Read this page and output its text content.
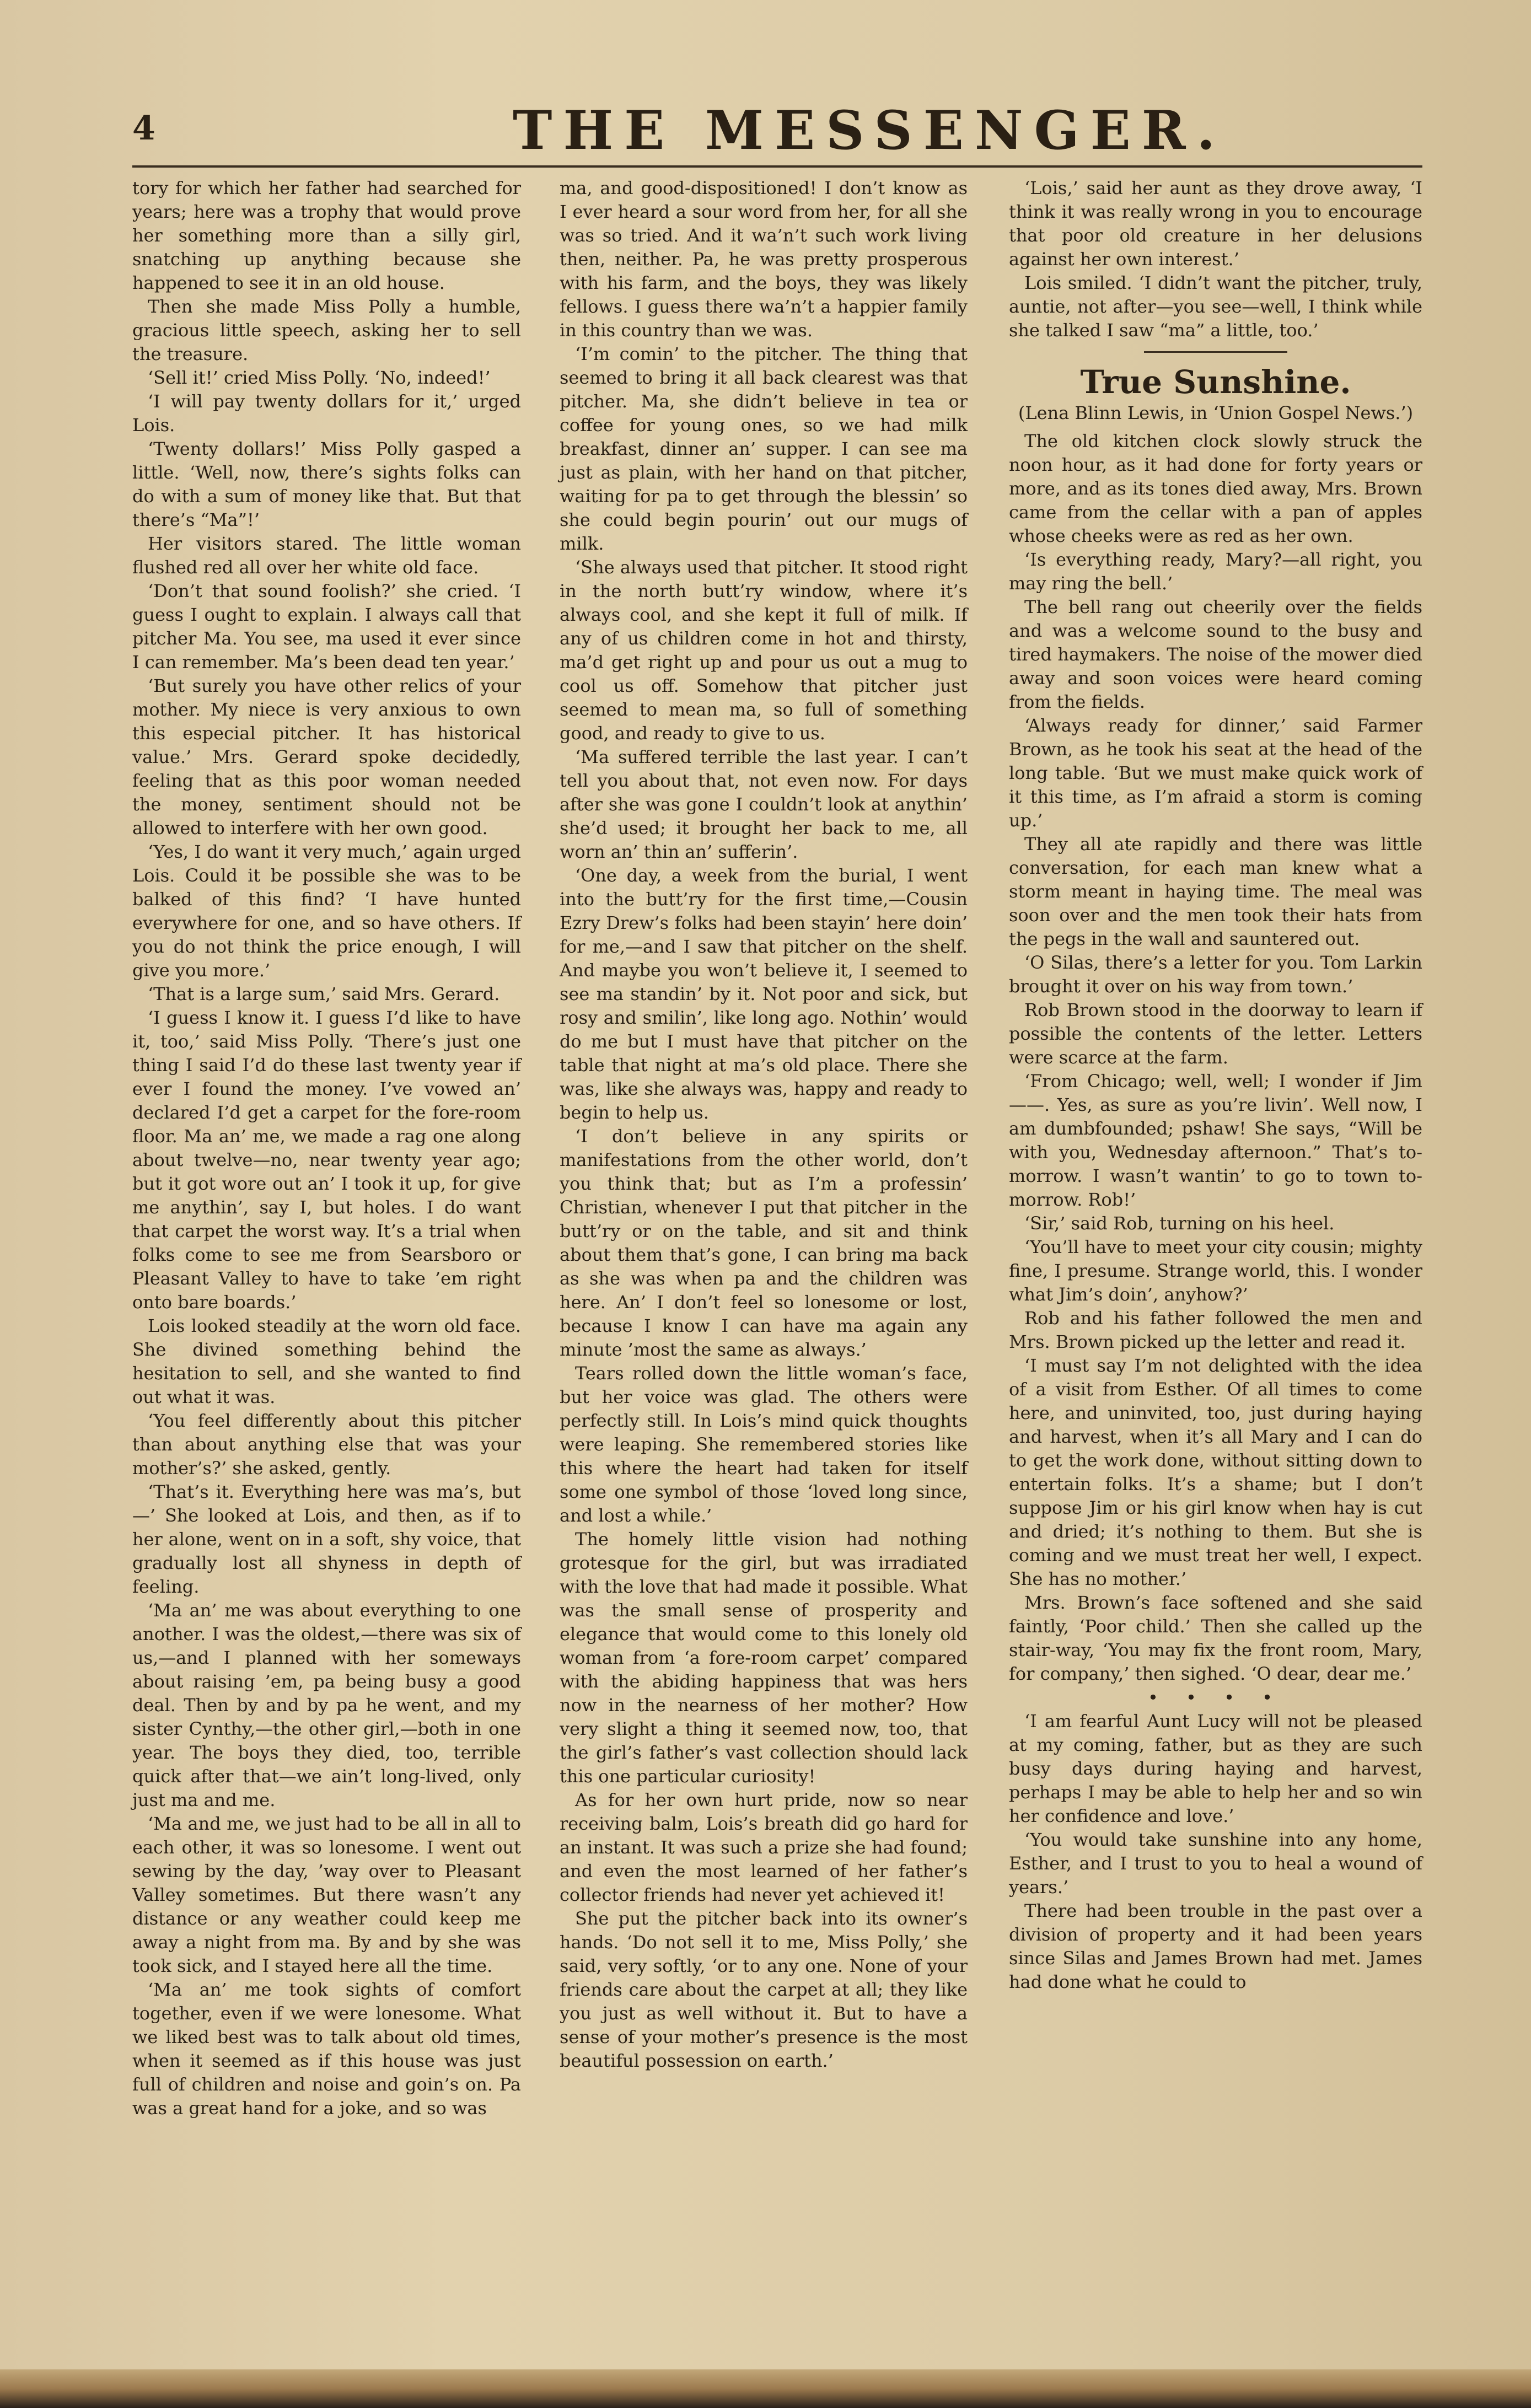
4	THE MESSENGER.

tory for which her father had searched for years; here was a trophy that would prove her something more than a silly girl, snatching up anything because she happened to see it in an old house.

Then she made Miss Polly a humble, gracious little speech, asking her to sell the treasure.

‘Sell it!’ cried Miss Polly. ‘No, indeed!’

‘I will pay twenty dollars for it,’ urged Lois.

‘Twenty dollars!’ Miss Polly gasped a little. ‘Well, now, there’s sights folks can do with a sum of money like that. But that there’s “Ma”!’

Her visitors stared. The little woman flushed red all over her white old face.

‘Don’t that sound foolish?’ she cried. ‘I guess I ought to explain. I always call that pitcher Ma. You see, ma used it ever since I can remember. Ma’s been dead ten year.’

‘But surely you have other relics of your mother. My niece is very anxious to own this especial pitcher. It has historical value.’ Mrs. Gerard spoke decidedly, feeling that as this poor woman needed the money, sentiment should not be allowed to interfere with her own good.

‘Yes, I do want it very much,’ again urged Lois. Could it be possible she was to be balked of this find? ‘I have hunted everywhere for one, and so have others. If you do not think the price enough, I will give you more.’

‘That is a large sum,’ said Mrs. Gerard.

‘I guess I know it. I guess I’d like to have it, too,’ said Miss Polly. ‘There’s just one thing I said I’d do these last twenty year if ever I found the money. I’ve vowed an’ declared I’d get a carpet for the fore-room floor. Ma an’ me, we made a rag one along about twelve—no, near twenty year ago; but it got wore out an’ I took it up, for give me anythin’, say I, but holes. I do want that carpet the worst way. It’s a trial when folks come to see me from Searsboro or Pleasant Valley to have to take ’em right onto bare boards.’

Lois looked steadily at the worn old face. She divined something behind the hesitation to sell, and she wanted to find out what it was.

‘You feel differently about this pitcher than about anything else that was your mother’s?’ she asked, gently.

‘That’s it. Everything here was ma’s, but—’ She looked at Lois, and then, as if to her alone, went on in a soft, shy voice, that gradually lost all shyness in depth of feeling.

‘Ma an’ me was about everything to one another. I was the oldest,—there was six of us,—and I planned with her someways about raising ’em, pa being busy a good deal. Then by and by pa he went, and my sister Cynthy,—the other girl,—both in one year. The boys they died, too, terrible quick after that—we ain’t long-lived, only just ma and me.

‘Ma and me, we just had to be all in all to each other, it was so lonesome. I went out sewing by the day, ’way over to Pleasant Valley sometimes. But there wasn’t any distance or any weather could keep me away a night from ma. By and by she was took sick, and I stayed here all the time.

‘Ma an’ me took sights of comfort together, even if we were lonesome. What we liked best was to talk about old times, when it seemed as if this house was just full of children and noise and goin’s on. Pa was a great hand for a joke, and so was

ma, and good-dispositioned! I don’t know as I ever heard a sour word from her, for all she was so tried. And it wa’n’t such work living then, neither. Pa, he was pretty prosperous with his farm, and the boys, they was likely fellows. I guess there wa’n’t a happier family in this country than we was.

‘I’m comin’ to the pitcher. The thing that seemed to bring it all back clearest was that pitcher. Ma, she didn’t believe in tea or coffee for young ones, so we had milk breakfast, dinner an’ supper. I can see ma just as plain, with her hand on that pitcher, waiting for pa to get through the blessin’ so she could begin pourin’ out our mugs of milk.

‘She always used that pitcher. It stood right in the north butt’ry window, where it’s always cool, and she kept it full of milk. If any of us children come in hot and thirsty, ma’d get right up and pour us out a mug to cool us off. Somehow that pitcher just seemed to mean ma, so full of something good, and ready to give to us.

‘Ma suffered terrible the last year. I can’t tell you about that, not even now. For days after she was gone I couldn’t look at anythin’ she’d used; it brought her back to me, all worn an’ thin an’ sufferin’.

‘One day, a week from the burial, I went into the butt’ry for the first time,—Cousin Ezry Drew’s folks had been stayin’ here doin’ for me,—and I saw that pitcher on the shelf. And maybe you won’t believe it, I seemed to see ma standin’ by it. Not poor and sick, but rosy and smilin’, like long ago. Nothin’ would do me but I must have that pitcher on the table that night at ma’s old place. There she was, like she always was, happy and ready to begin to help us.

‘I don’t believe in any spirits or manifestations from the other world, don’t you think that; but as I’m a professin’ Christian, whenever I put that pitcher in the butt’ry or on the table, and sit and think about them that’s gone, I can bring ma back as she was when pa and the children was here. An’ I don’t feel so lonesome or lost, because I know I can have ma again any minute ’most the same as always.’

Tears rolled down the little woman’s face, but her voice was glad. The others were perfectly still. In Lois’s mind quick thoughts were leaping. She remembered stories like this where the heart had taken for itself some one symbol of those ‘loved long since, and lost a while.’

The homely little vision had nothing grotesque for the girl, but was irradiated with the love that had made it possible. What was the small sense of prosperity and elegance that would come to this lonely old woman from ‘a fore-room carpet’ compared with the abiding happiness that was hers now in the nearness of her mother? How very slight a thing it seemed now, too, that the girl’s father’s vast collection should lack this one particular curiosity!

As for her own hurt pride, now so near receiving balm, Lois’s breath did go hard for an instant. It was such a prize she had found; and even the most learned of her father’s collector friends had never yet achieved it!

She put the pitcher back into its owner’s hands. ‘Do not sell it to me, Miss Polly,’ she said, very softly, ‘or to any one. None of your friends care about the carpet at all; they like you just as well without it. But to have a sense of your mother’s presence is the most beautiful possession on earth.’

‘Lois,’ said her aunt as they drove away, ‘I think it was really wrong in you to encourage that poor old creature in her delusions against her own interest.’

Lois smiled. ‘I didn’t want the pitcher, truly, auntie, not after—you see—well, I think while she talked I saw “ma” a little, too.’

True Sunshine.

(Lena Blinn Lewis, in ‘Union Gospel News.’)

The old kitchen clock slowly struck the noon hour, as it had done for forty years or more, and as its tones died away, Mrs. Brown came from the cellar with a pan of apples whose cheeks were as red as her own.

‘Is everything ready, Mary?—all right, you may ring the bell.’

The bell rang out cheerily over the fields and was a welcome sound to the busy and tired haymakers. The noise of the mower died away and soon voices were heard coming from the fields.

‘Always ready for dinner,’ said Farmer Brown, as he took his seat at the head of the long table. ‘But we must make quick work of it this time, as I’m afraid a storm is coming up.’

They all ate rapidly and there was little conversation, for each man knew what a storm meant in haying time. The meal was soon over and the men took their hats from the pegs in the wall and sauntered out.

‘O Silas, there’s a letter for you. Tom Larkin brought it over on his way from town.’

Rob Brown stood in the doorway to learn if possible the contents of the letter. Letters were scarce at the farm.

‘From Chicago; well, well; I wonder if Jim——. Yes, as sure as you’re livin’. Well now, I am dumbfounded; pshaw! She says, “Will be with you, Wednesday afternoon.” That’s to-morrow. I wasn’t wantin’ to go to town to-morrow. Rob!’

‘Sir,’ said Rob, turning on his heel.

‘You’ll have to meet your city cousin; mighty fine, I presume. Strange world, this. I wonder what Jim’s doin’, anyhow?’

Rob and his father followed the men and Mrs. Brown picked up the letter and read it.

‘I must say I’m not delighted with the idea of a visit from Esther. Of all times to come here, and uninvited, too, just during haying and harvest, when it’s all Mary and I can do to get the work done, without sitting down to entertain folks. It’s a shame; but I don’t suppose Jim or his girl know when hay is cut and dried; it’s nothing to them. But she is coming and we must treat her well, I expect. She has no mother.’

Mrs. Brown’s face softened and she said faintly, ‘Poor child.’ Then she called up the stair-way, ‘You may fix the front room, Mary, for company,’ then sighed. ‘O dear, dear me.’

• • • •

‘I am fearful Aunt Lucy will not be pleased at my coming, father, but as they are such busy days during haying and harvest, perhaps I may be able to help her and so win her confidence and love.’

‘You would take sunshine into any home, Esther, and I trust to you to heal a wound of years.’

There had been trouble in the past over a division of property and it had been years since Silas and James Brown had met. James had done what he could to
